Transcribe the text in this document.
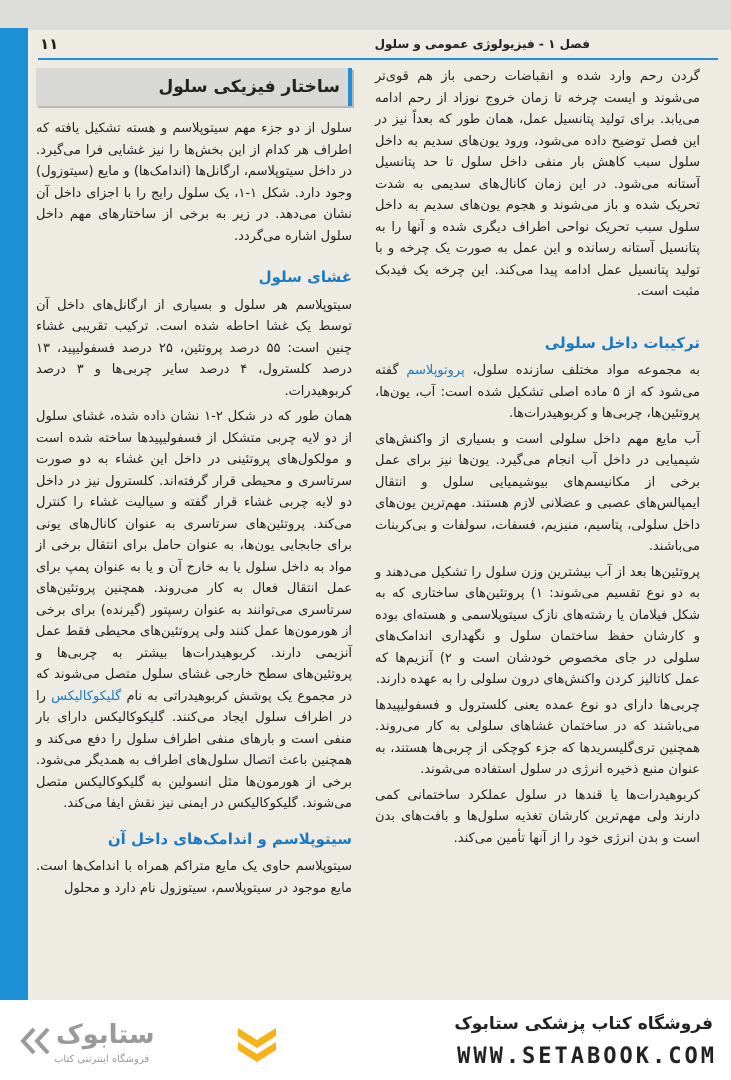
فصل ۱ - فیزیولوژی عمومی و سلول
۱۱

گردن رحم وارد شده و انقباضات رحمی باز هم قوی‌تر می‌شوند و ایست چرخه تا زمان خروج نوزاد از رحم ادامه می‌یابد. برای تولید پتانسیل عمل، همان طور که بعداً نیز در این فصل توضیح داده می‌شود، ورود یون‌های سدیم به داخل سلول سبب کاهش بار منفی داخل سلول تا حد پتانسیل آستانه می‌شود. در این زمان کانال‌های سدیمی به شدت تحریک شده و باز می‌شوند و هجوم یون‌های سدیم به داخل سلول سبب تحریک نواحی اطراف دیگری شده و آنها را به پتانسیل آستانه رسانده و این عمل به صورت یک چرخه و با تولید پتانسیل عمل ادامه پیدا می‌کند. این چرخه یک فیدبک مثبت است.

ترکیبات داخل سلولی

به مجموعه مواد مختلف سازنده سلول، پروتوپلاسم گفته می‌شود که از ۵ ماده اصلی تشکیل شده است: آب، یون‌ها، پروتئین‌ها، چربی‌ها و کربوهیدرات‌ها.

آب مایع مهم داخل سلولی است و بسیاری از واکنش‌های شیمیایی در داخل آب انجام می‌گیرد. یون‌ها نیز برای عمل برخی از مکانیسم‌های بیوشیمیایی سلول و انتقال ایمپالس‌های عصبی و عضلانی لازم هستند. مهم‌ترین یون‌های داخل سلولی، پتاسیم، منیزیم، فسفات، سولفات و بی‌کربنات می‌باشند.

پروتئین‌ها بعد از آب بیشترین وزن سلول را تشکیل می‌دهند و به دو نوع تقسیم می‌شوند: ۱) پروتئین‌های ساختاری که به شکل فیلامان یا رشته‌های نازک سیتوپلاسمی و هسته‌ای بوده و کارشان حفظ ساختمان سلول و نگهداری اندامک‌های سلولی در جای مخصوص خودشان است و ۲) آنزیم‌ها که عمل کاتالیز کردن واکنش‌های درون سلولی را به عهده دارند.

چربی‌ها دارای دو نوع عمده یعنی کلسترول و فسفولیپیدها می‌باشند که در ساختمان غشاهای سلولی به کار می‌روند. همچنین تری‌گلیسریدها که جزء کوچکی از چربی‌ها هستند، به عنوان منبع ذخیره انرژی در سلول استفاده می‌شوند.

کربوهیدرات‌ها یا قندها در سلول عملکرد ساختمانی کمی دارند ولی مهم‌ترین کارشان تغذیه سلول‌ها و بافت‌های بدن است و بدن انرژی خود را از آنها تأمین می‌کند.

ساختار فیزیکی سلول

سلول از دو جزء مهم سیتوپلاسم و هسته تشکیل یافته که اطراف هر کدام از این بخش‌ها را نیز غشایی فرا می‌گیرد. در داخل سیتوپلاسم، ارگانل‌ها (اندامک‌ها) و مایع (سیتوزول) وجود دارد. شکل ۱-۱، یک سلول رایج را با اجزای داخل آن نشان می‌دهد. در زیر به برخی از ساختارهای مهم داخل سلول اشاره می‌گردد.

غشای سلول

سیتوپلاسم هر سلول و بسیاری از ارگانل‌های داخل آن توسط یک غشا احاطه شده است. ترکیب تقریبی غشاء چنین است: ۵۵ درصد پروتئین، ۲۵ درصد فسفولیپید، ۱۳ درصد کلسترول، ۴ درصد سایر چربی‌ها و ۳ درصد کربوهیدرات.

همان طور که در شکل ۲-۱ نشان داده شده، غشای سلول از دو لایه چربی متشکل از فسفولیپیدها ساخته شده است و مولکول‌های پروتئینی در داخل این غشاء به دو صورت سرتاسری و محیطی قرار گرفته‌اند. کلسترول نیز در داخل دو لایه چربی غشاء قرار گفته و سیالیت غشاء را کنترل می‌کند. پروتئین‌های سرتاسری به عنوان کانال‌های یونی برای جابجایی یون‌ها، به عنوان حامل برای انتقال برخی از مواد به داخل سلول یا به خارج آن و یا به عنوان پمپ برای عمل انتقال فعال به کار می‌روند. همچنین پروتئین‌های سرتاسری می‌توانند به عنوان رسپتور (گیرنده) برای برخی از هورمون‌ها عمل کنند ولی پروتئین‌های محیطی فقط عمل آنزیمی دارند. کربوهیدرات‌ها بیشتر به چربی‌ها و پروتئین‌های سطح خارجی غشای سلول متصل می‌شوند که در مجموع یک پوشش کربوهیدراتی به نام گلیکوکالیکس را در اطراف سلول ایجاد می‌کنند. گلیکوکالیکس دارای بار منفی است و بارهای منفی اطراف سلول را دفع می‌کند و همچنین باعث اتصال سلول‌های اطراف به همدیگر می‌شود. برخی از هورمون‌ها مثل انسولین به گلیکوکالیکس متصل می‌شوند. گلیکوکالیکس در ایمنی نیز نقش ایفا می‌کند.

سیتوپلاسم و اندامک‌های داخل آن

سیتوپلاسم حاوی یک مایع متراکم همراه با اندامک‌ها است. مایع موجود در سیتوپلاسم، سیتوزول نام دارد و محلول

ستابوک
فروشگاه اینترنتی کتاب
فروشگاه کتاب پزشکی ستابوک
WWW.SETABOOK.COM
